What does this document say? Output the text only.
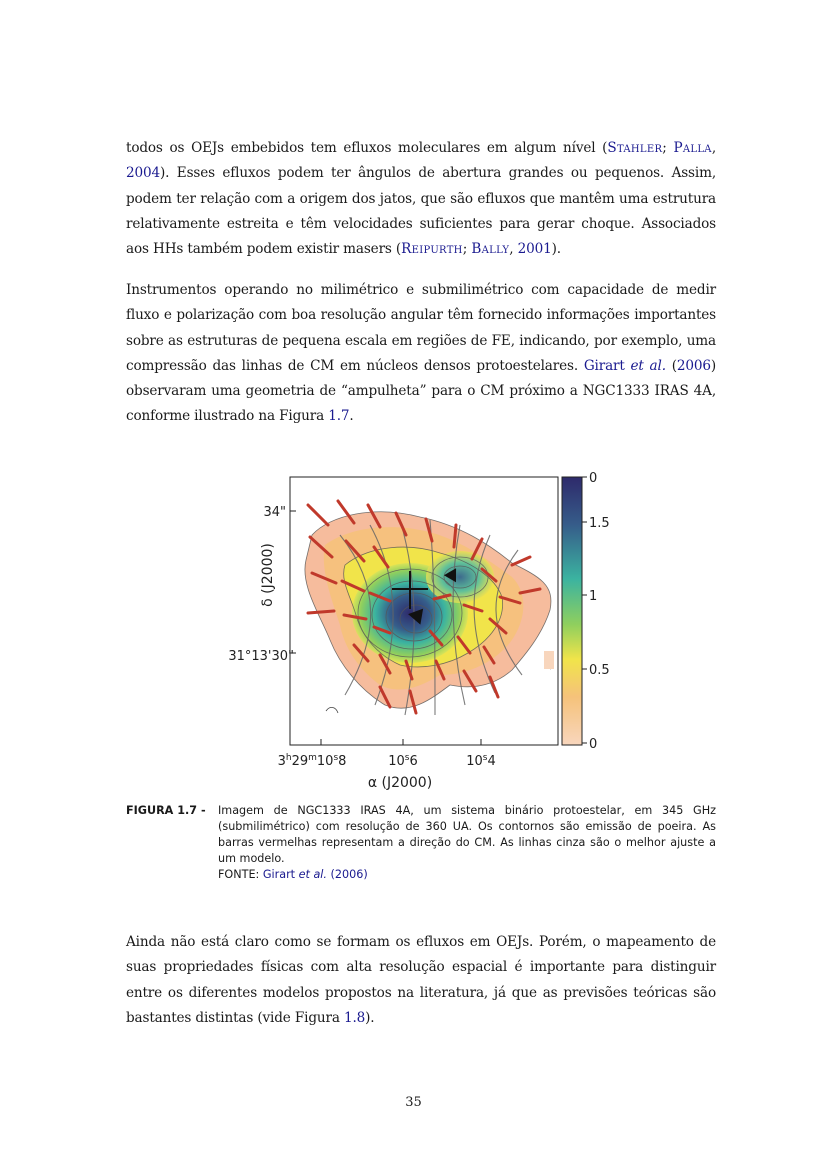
todos os OEJs embebidos tem efluxos moleculares em algum nível (Stahler; Palla, 2004). Esses efluxos podem ter ângulos de abertura grandes ou pequenos. Assim, podem ter relação com a origem dos jatos, que são efluxos que mantêm uma estrutura relativamente estreita e têm velocidades suficientes para gerar choque. Associados aos HHs também podem existir masers (Reipurth; Bally, 2001).

Instrumentos operando no milimétrico e submilimétrico com capacidade de medir fluxo e polarização com boa resolução angular têm fornecido informações importantes sobre as estruturas de pequena escala em regiões de FE, indicando, por exemplo, uma compressão das linhas de CM em núcleos densos protoestelares. Girart et al. (2006) observaram uma geometria de “ampulheta” para o CM próximo a NGC1333 IRAS 4A, conforme ilustrado na Figura 1.7.

34"
31°13'30"
3$^h$29$^m$10$^s$8	10$^s$6	10$^s$4
α (J2000)
δ (J2000)
0
1.5
1
0.5
0
FIGURA 1.7 - Imagem de NGC1333 IRAS 4A, um sistema binário protoestelar, em 345 GHz (submilimétrico) com resolução de 360 UA. Os contornos são emissão de poeira. As barras vermelhas representam a direção do CM. As linhas cinza são o melhor ajuste a um modelo.
FONTE: Girart et al. (2006)

Ainda não está claro como se formam os efluxos em OEJs. Porém, o mapeamento de suas propriedades físicas com alta resolução espacial é importante para distinguir entre os diferentes modelos propostos na literatura, já que as previsões teóricas são bastantes distintas (vide Figura 1.8).

35
